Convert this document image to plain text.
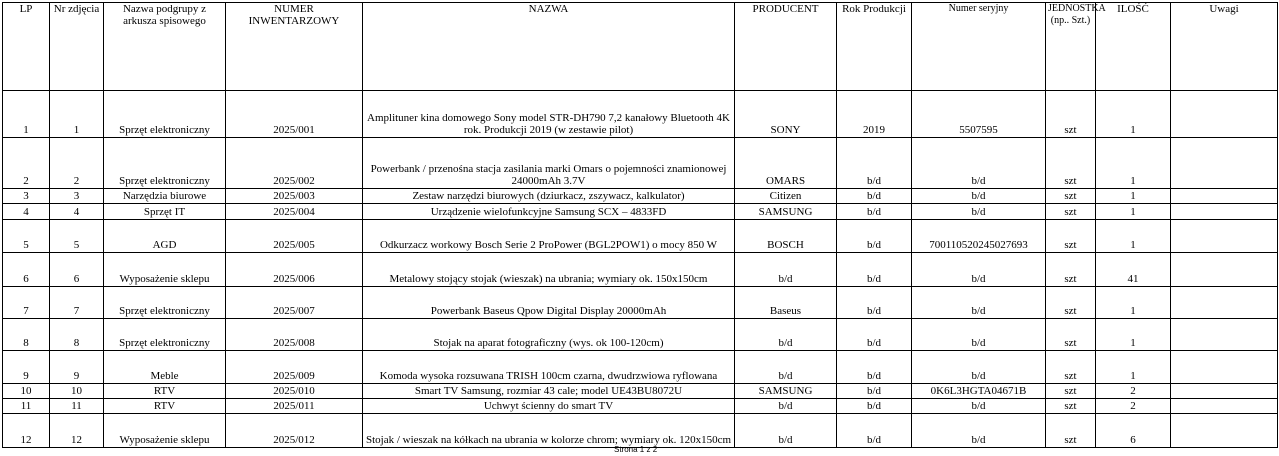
LP	Nr zdjęcia	Nazwa podgrupy z arkusza spisowego	NUMER INWENTARZOWY	NAZWA	PRODUCENT	Rok Produkcji	Numer seryjny	JEDNOSTKA (np.. Szt.)	ILOŚĆ	Uwagi
1	1	Sprzęt elektroniczny	2025/001	Amplituner kina domowego Sony model STR-DH790 7,2 kanałowy Bluetooth 4K rok. Produkcji 2019 (w zestawie pilot)	SONY	2019	5507595	szt	1	
2	2	Sprzęt elektroniczny	2025/002	Powerbank / przenośna stacja zasilania marki Omars o pojemności znamionowej 24000mAh 3.7V	OMARS	b/d	b/d	szt	1	
3	3	Narzędzia biurowe	2025/003	Zestaw narzędzi biurowych (dziurkacz, zszywacz, kalkulator)	Citizen	b/d	b/d	szt	1	
4	4	Sprzęt IT	2025/004	Urządzenie wielofunkcyjne Samsung SCX – 4833FD	SAMSUNG	b/d	b/d	szt	1	
5	5	AGD	2025/005	Odkurzacz workowy Bosch Serie 2 ProPower (BGL2POW1) o mocy 850 W	BOSCH	b/d	700110520245027693	szt	1	
6	6	Wyposażenie sklepu	2025/006	Metalowy stojący stojak (wieszak) na ubrania; wymiary ok. 150x150cm	b/d	b/d	b/d	szt	41	
7	7	Sprzęt elektroniczny	2025/007	Powerbank Baseus Qpow Digital Display 20000mAh	Baseus	b/d	b/d	szt	1	
8	8	Sprzęt elektroniczny	2025/008	Stojak na aparat fotograficzny (wys. ok 100-120cm)	b/d	b/d	b/d	szt	1	
9	9	Meble	2025/009	Komoda wysoka rozsuwana TRISH 100cm czarna, dwudrzwiowa ryflowana	b/d	b/d	b/d	szt	1	
10	10	RTV	2025/010	Smart TV Samsung, rozmiar 43 cale; model UE43BU8072U	SAMSUNG	b/d	0K6L3HGTA04671B	szt	2	
11	11	RTV	2025/011	Uchwyt ścienny do smart TV	b/d	b/d	b/d	szt	2	
12	12	Wyposażenie sklepu	2025/012	Stojak / wieszak na kółkach na ubrania w kolorze chrom; wymiary ok. 120x150cm	b/d	b/d	b/d	szt	6	
Strona 1 z 2
